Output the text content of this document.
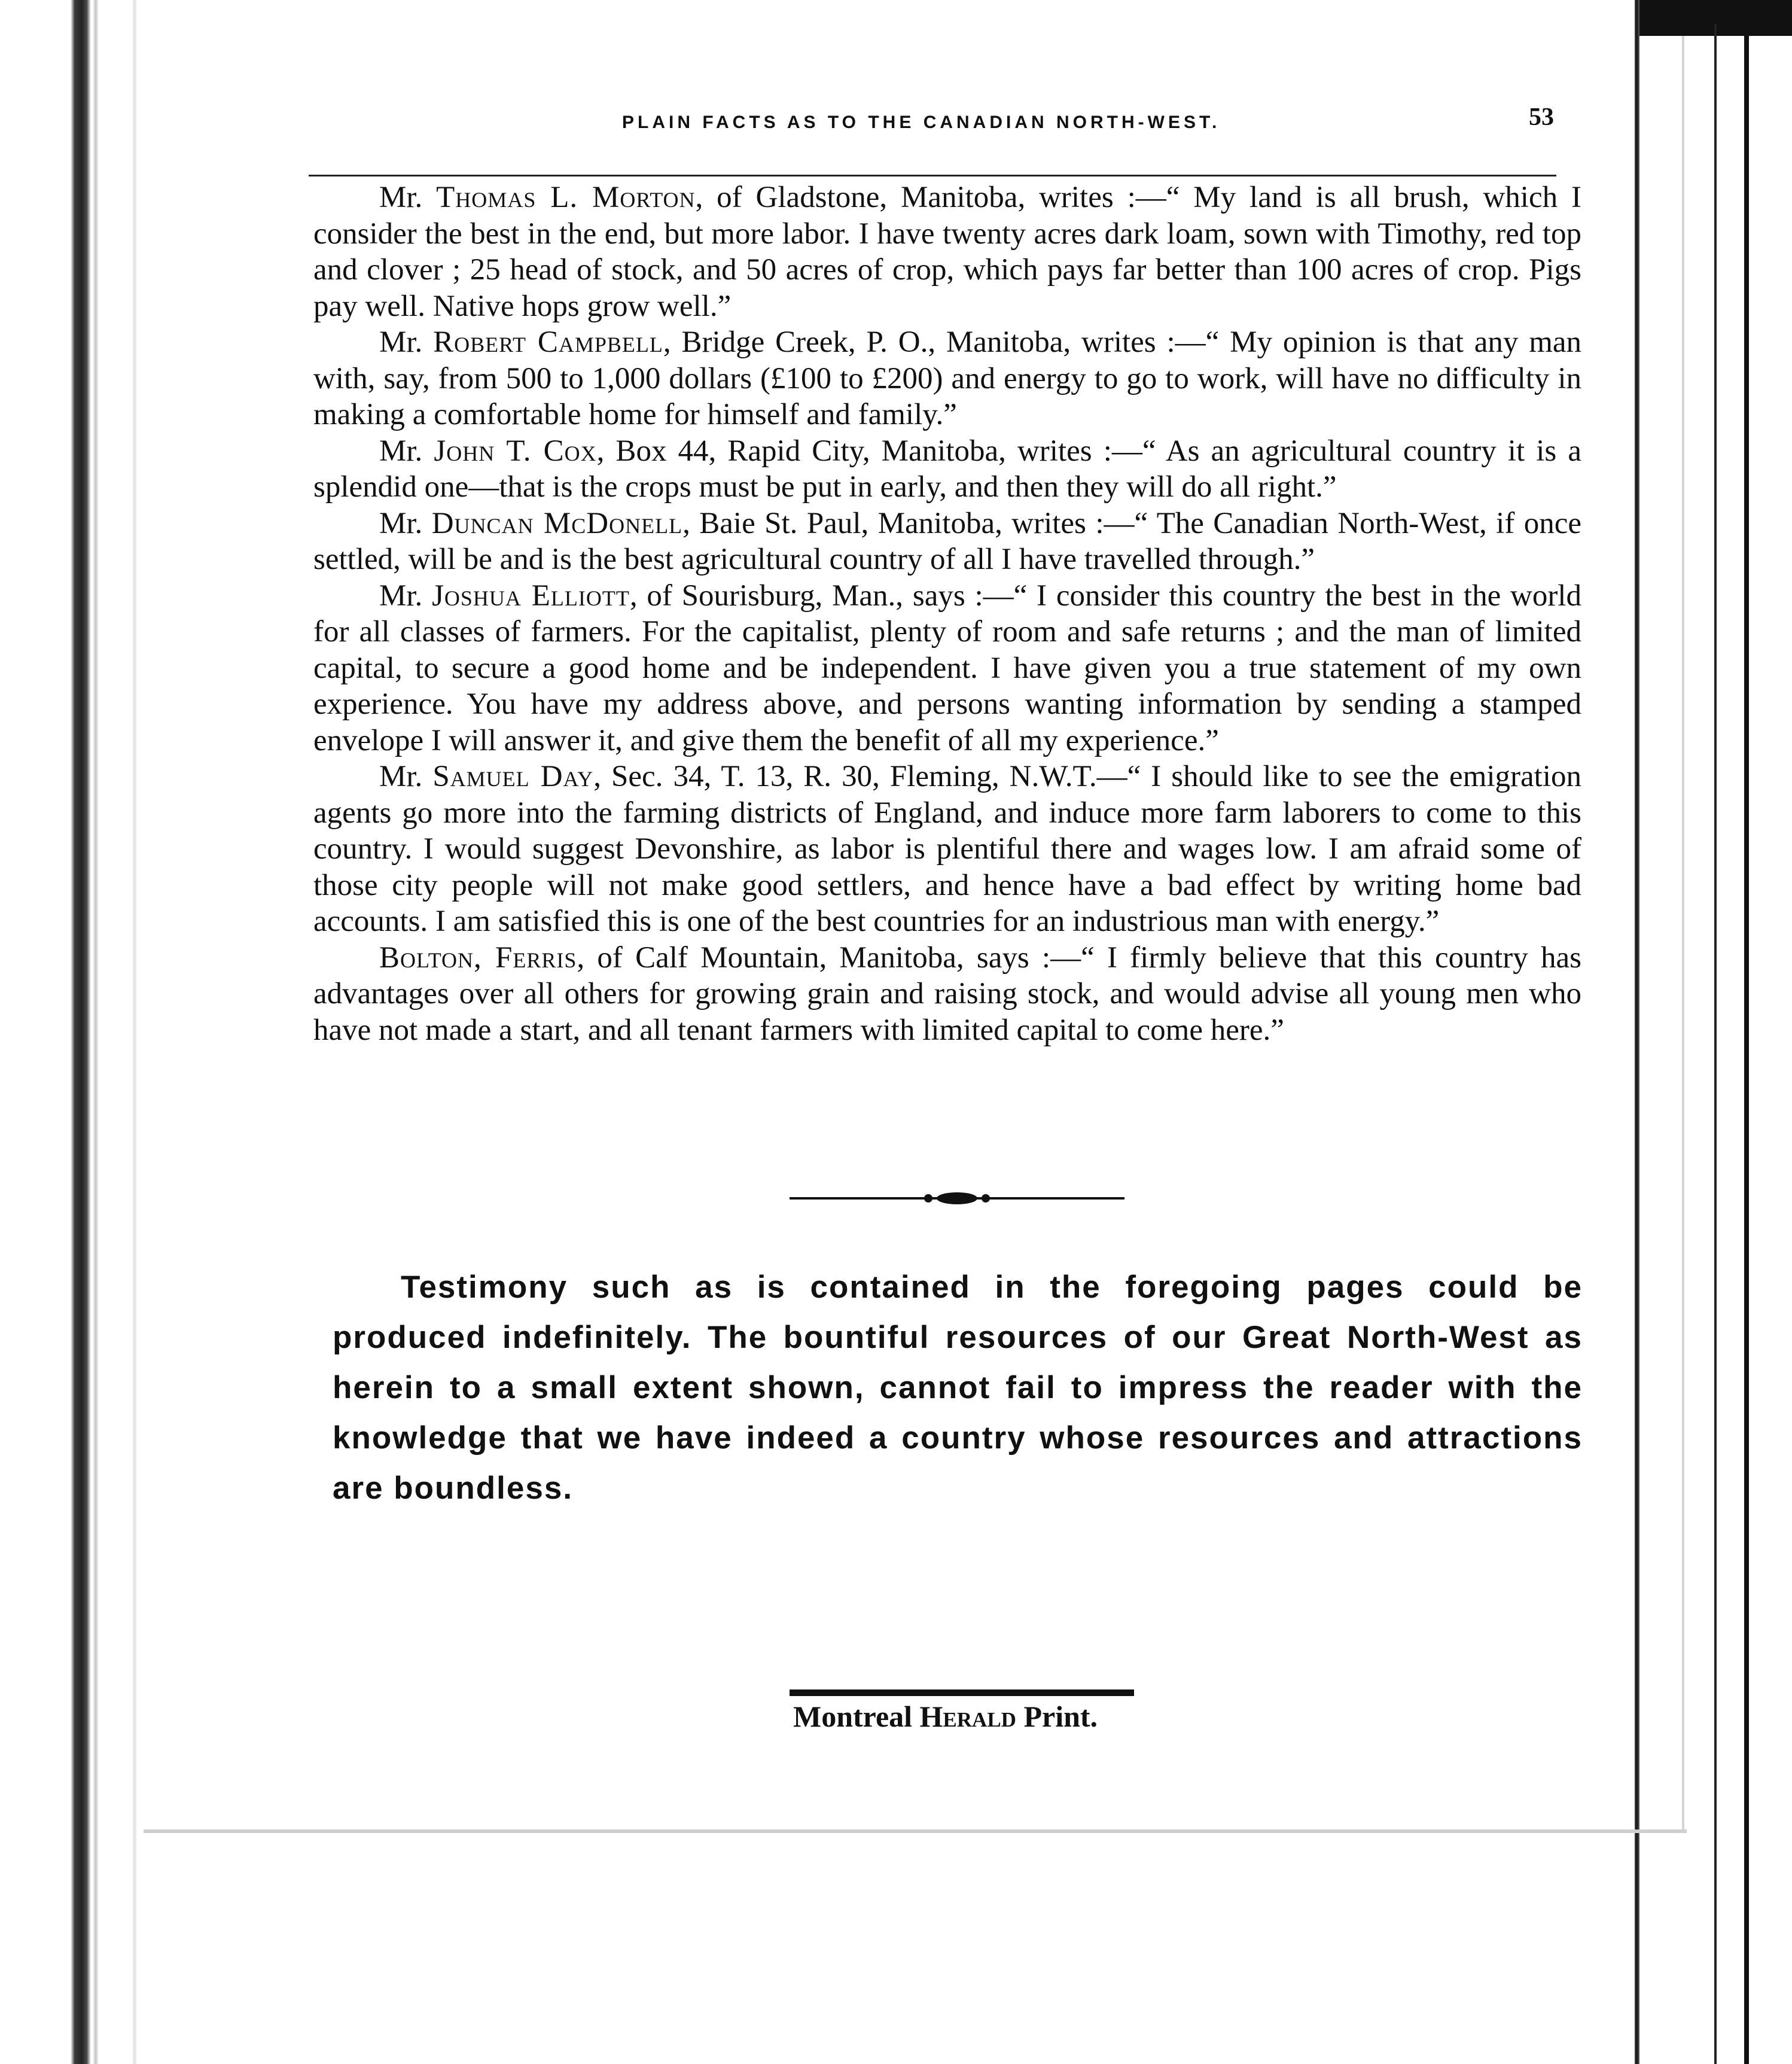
PLAIN FACTS AS TO THE CANADIAN NORTH-WEST.	53

Mr. Thomas L. Morton, of Gladstone, Manitoba, writes :—“ My land is all brush, which I consider the best in the end, but more labor. I have twenty acres dark loam, sown with Timothy, red top and clover ; 25 head of stock, and 50 acres of crop, which pays far better than 100 acres of crop. Pigs pay well. Native hops grow well.”

Mr. Robert Campbell, Bridge Creek, P. O., Manitoba, writes :—“ My opinion is that any man with, say, from 500 to 1,000 dollars (£100 to £200) and energy to go to work, will have no difficulty in making a comfortable home for himself and family.”

Mr. John T. Cox, Box 44, Rapid City, Manitoba, writes :—“ As an agricultural country it is a splendid one—that is the crops must be put in early, and then they will do all right.”

Mr. Duncan McDonell, Baie St. Paul, Manitoba, writes :—“ The Canadian North-West, if once settled, will be and is the best agricultural country of all I have travelled through.”

Mr. Joshua Elliott, of Sourisburg, Man., says :—“ I consider this country the best in the world for all classes of farmers. For the capitalist, plenty of room and safe returns ; and the man of limited capital, to secure a good home and be independent. I have given you a true statement of my own experience. You have my address above, and persons wanting information by sending a stamped envelope I will answer it, and give them the benefit of all my experience.”

Mr. Samuel Day, Sec. 34, T. 13, R. 30, Fleming, N.W.T.—“ I should like to see the emigration agents go more into the farming districts of England, and induce more farm laborers to come to this country. I would suggest Devonshire, as labor is plentiful there and wages low. I am afraid some of those city people will not make good settlers, and hence have a bad effect by writing home bad accounts. I am satisfied this is one of the best countries for an industrious man with energy.”

Bolton, Ferris, of Calf Mountain, Manitoba, says :—“ I firmly believe that this country has advantages over all others for growing grain and raising stock, and would advise all young men who have not made a start, and all tenant farmers with limited capital to come here.”

Testimony such as is contained in the foregoing pages could be produced indefinitely. The bountiful resources of our Great North-West as herein to a small extent shown, cannot fail to impress the reader with the knowledge that we have indeed a country whose resources and attractions are boundless.

Montreal Herald Print.
